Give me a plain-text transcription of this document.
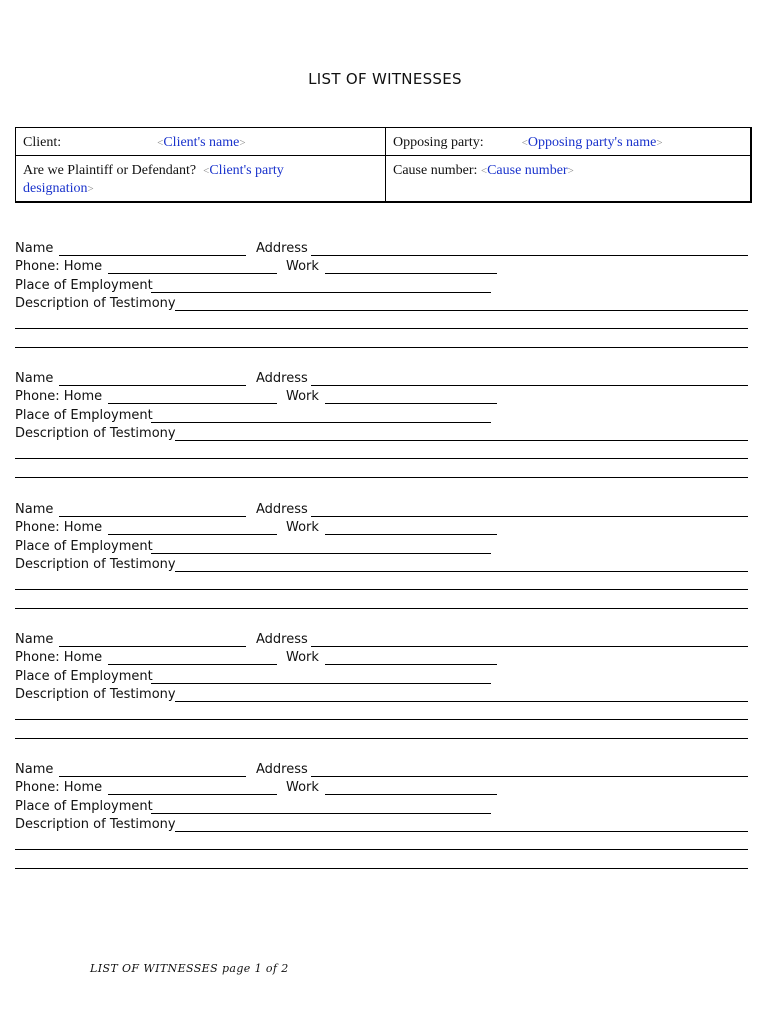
LIST OF WITNESSES
Client: <Client's name>	Opposing party: <Opposing party's name>
Are we Plaintiff or Defendant? <Client's party
designation>	Cause number: <Cause number>
Name	Address
Phone: Home	Work
Place of Employment
Description of Testimony
Name	Address
Phone: Home	Work
Place of Employment
Description of Testimony
Name	Address
Phone: Home	Work
Place of Employment
Description of Testimony
Name	Address
Phone: Home	Work
Place of Employment
Description of Testimony
Name	Address
Phone: Home	Work
Place of Employment
Description of Testimony
LIST OF WITNESSES page 1 of 2
